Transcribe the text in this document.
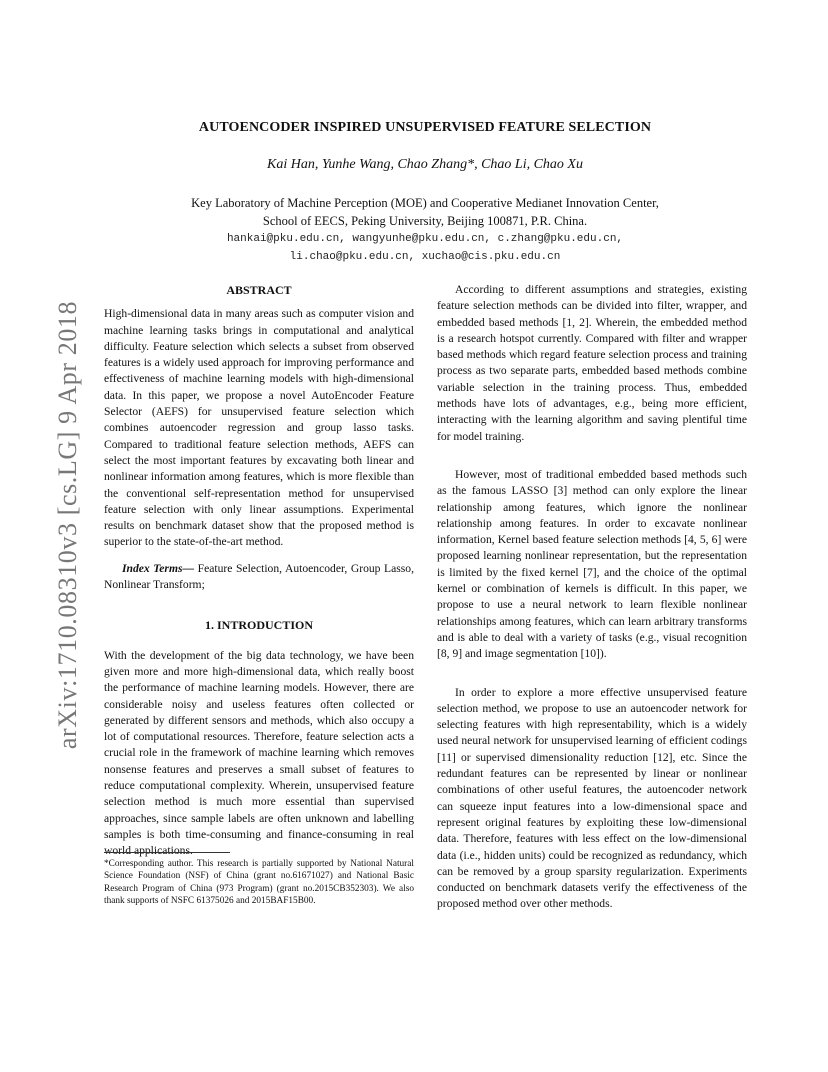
arXiv:1710.08310v3 [cs.LG] 9 Apr 2018
AUTOENCODER INSPIRED UNSUPERVISED FEATURE SELECTION
Kai Han, Yunhe Wang, Chao Zhang*, Chao Li, Chao Xu
Key Laboratory of Machine Perception (MOE) and Cooperative Medianet Innovation Center,
School of EECS, Peking University, Beijing 100871, P.R. China.
hankai@pku.edu.cn, wangyunhe@pku.edu.cn, c.zhang@pku.edu.cn,
li.chao@pku.edu.cn, xuchao@cis.pku.edu.cn
ABSTRACT

High-dimensional data in many areas such as computer vision and machine learning tasks brings in computational and analytical difficulty. Feature selection which selects a subset from observed features is a widely used approach for improving performance and effectiveness of machine learning models with high-dimensional data. In this paper, we propose a novel AutoEncoder Feature Selector (AEFS) for unsupervised feature selection which combines autoencoder regression and group lasso tasks. Compared to traditional feature selection methods, AEFS can select the most important features by excavating both linear and nonlinear information among features, which is more flexible than the conventional self-representation method for unsupervised feature selection with only linear assumptions. Experimental results on benchmark dataset show that the proposed method is superior to the state-of-the-art method.

Index Terms— Feature Selection, Autoencoder, Group Lasso, Nonlinear Transform;

1. INTRODUCTION

With the development of the big data technology, we have been given more and more high-dimensional data, which really boost the performance of machine learning models. However, there are considerable noisy and useless features often collected or generated by different sensors and methods, which also occupy a lot of computational resources. Therefore, feature selection acts a crucial role in the framework of machine learning which removes nonsense features and preserves a small subset of features to reduce computational complexity. Wherein, unsupervised feature selection method is much more essential than supervised approaches, since sample labels are often unknown and labelling samples is both time-consuming and finance-consuming in real world applications.

*Corresponding author. This research is partially supported by National Natural Science Foundation (NSF) of China (grant no.61671027) and National Basic Research Program of China (973 Program) (grant no.2015CB352303). We also thank supports of NSFC 61375026 and 2015BAF15B00.

According to different assumptions and strategies, existing feature selection methods can be divided into filter, wrapper, and embedded based methods [1, 2]. Wherein, the embedded method is a research hotspot currently. Compared with filter and wrapper based methods which regard feature selection process and training process as two separate parts, embedded based methods combine variable selection in the training process. Thus, embedded methods have lots of advantages, e.g., being more efficient, interacting with the learning algorithm and saving plentiful time for model training.

However, most of traditional embedded based methods such as the famous LASSO [3] method can only explore the linear relationship among features, which ignore the nonlinear relationship among features. In order to excavate nonlinear information, Kernel based feature selection methods [4, 5, 6] were proposed learning nonlinear representation, but the representation is limited by the fixed kernel [7], and the choice of the optimal kernel or combination of kernels is difficult. In this paper, we propose to use a neural network to learn flexible nonlinear relationships among features, which can learn arbitrary transforms and is able to deal with a variety of tasks (e.g., visual recognition [8, 9] and image segmentation [10]).

In order to explore a more effective unsupervised feature selection method, we propose to use an autoencoder network for selecting features with high representability, which is a widely used neural network for unsupervised learning of efficient codings [11] or supervised dimensionality reduction [12], etc. Since the redundant features can be represented by linear or nonlinear combinations of other useful features, the autoencoder network can squeeze input features into a low-dimensional space and represent original features by exploiting these low-dimensional data. Therefore, features with less effect on the low-dimensional data (i.e., hidden units) could be recognized as redundancy, which can be removed by a group sparsity regularization. Experiments conducted on benchmark datasets verify the effectiveness of the proposed method over other methods.
